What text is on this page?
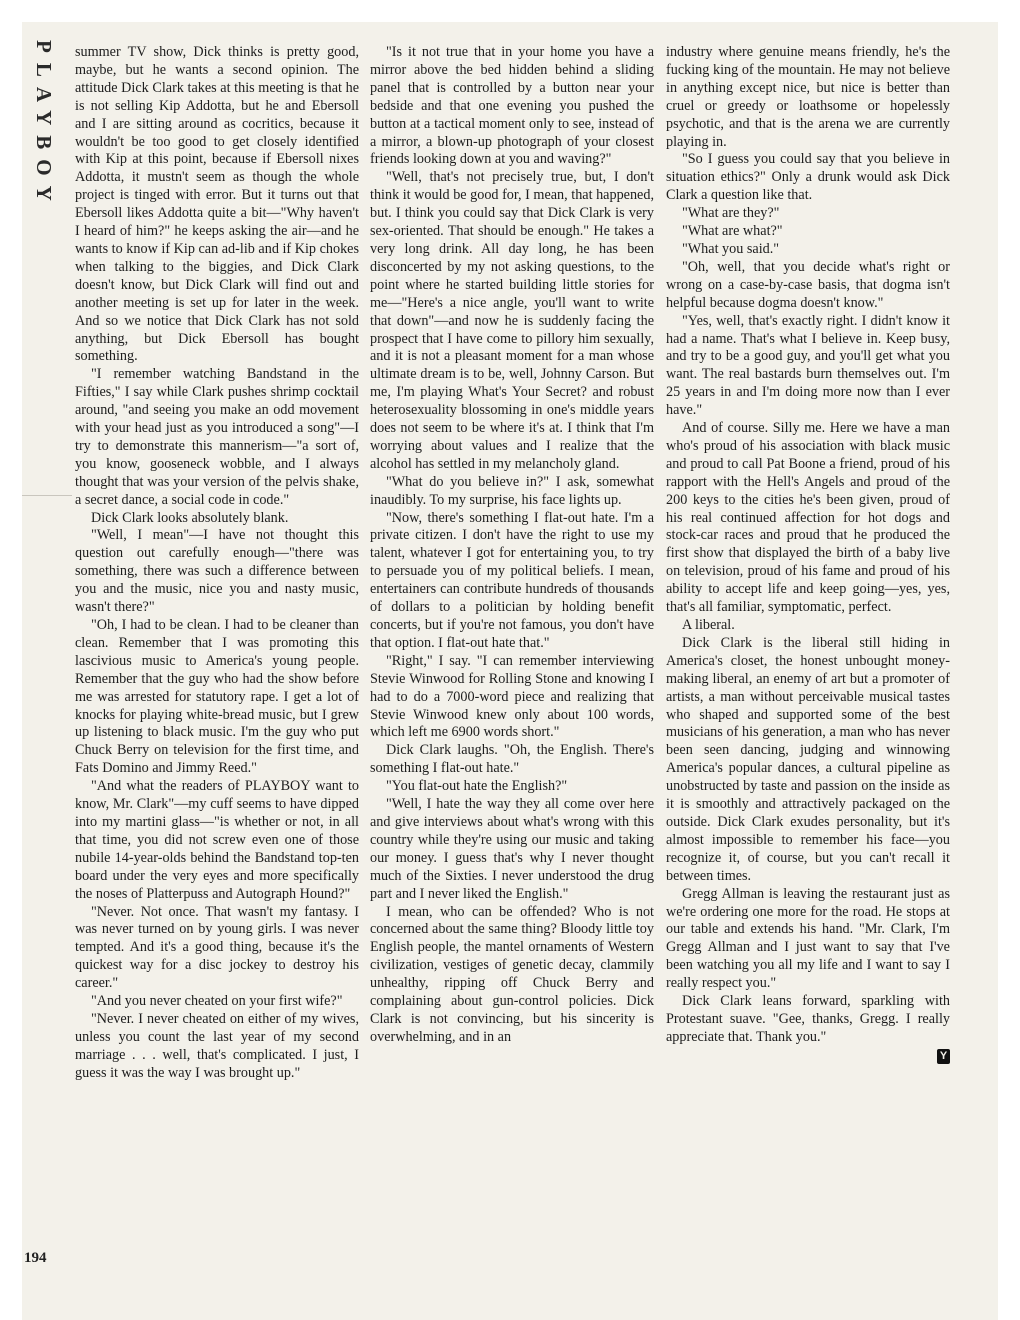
PLAYBOY summer TV show, Dick thinks is pretty good, maybe, but he wants a second opinion. The attitude Dick Clark takes at this meeting is that he is not selling Kip Addotta, but he and Ebersoll and I are sitting around as cocritics, because it wouldn't be too good to get closely identified with Kip at this point, because if Ebersoll nixes Addotta, it mustn't seem as though the whole project is tinged with error. But it turns out that Ebersoll likes Addotta quite a bit—"Why haven't I heard of him?" he keeps asking the air—and he wants to know if Kip can ad-lib and if Kip chokes when talking to the biggies, and Dick Clark doesn't know, but Dick Clark will find out and another meeting is set up for later in the week. And so we notice that Dick Clark has not sold anything, but Dick Ebersoll has bought something.

"I remember watching Bandstand in the Fifties," I say while Clark pushes shrimp cocktail around, "and seeing you make an odd movement with your head just as you introduced a song"—I try to demonstrate this mannerism—"a sort of, you know, gooseneck wobble, and I always thought that was your version of the pelvis shake, a secret dance, a social code in code."

Dick Clark looks absolutely blank.

"Well, I mean"—I have not thought this question out carefully enough—"there was something, there was such a difference between you and the music, nice you and nasty music, wasn't there?"

"Oh, I had to be clean. I had to be cleaner than clean. Remember that I was promoting this lascivious music to America's young people. Remember that the guy who had the show before me was arrested for statutory rape. I get a lot of knocks for playing white-bread music, but I grew up listening to black music. I'm the guy who put Chuck Berry on television for the first time, and Fats Domino and Jimmy Reed."

"And what the readers of PLAYBOY want to know, Mr. Clark"—my cuff seems to have dipped into my martini glass—"is whether or not, in all that time, you did not screw even one of those nubile 14-year-olds behind the Bandstand top-ten board under the very eyes and more specifically the noses of Platterpuss and Autograph Hound?"

"Never. Not once. That wasn't my fantasy. I was never turned on by young girls. I was never tempted. And it's a good thing, because it's the quickest way for a disc jockey to destroy his career."

"And you never cheated on your first wife?"

"Never. I never cheated on either of my wives, unless you count the last year of my second marriage . . . well, that's complicated. I just, I guess it was the way I was brought up."

"Is it not true that in your home you have a mirror above the bed hidden behind a sliding panel that is controlled by a button near your bedside and that one evening you pushed the button at a tactical moment only to see, instead of a mirror, a blown-up photograph of your closest friends looking down at you and waving?"

"Well, that's not precisely true, but, I don't think it would be good for, I mean, that happened, but. I think you could say that Dick Clark is very sex-oriented. That should be enough." He takes a very long drink. All day long, he has been disconcerted by my not asking questions, to the point where he started building little stories for me—"Here's a nice angle, you'll want to write that down"—and now he is suddenly facing the prospect that I have come to pillory him sexually, and it is not a pleasant moment for a man whose ultimate dream is to be, well, Johnny Carson. But me, I'm playing What's Your Secret? and robust heterosexuality blossoming in one's middle years does not seem to be where it's at. I think that I'm worrying about values and I realize that the alcohol has settled in my melancholy gland.

"What do you believe in?" I ask, somewhat inaudibly. To my surprise, his face lights up.

"Now, there's something I flat-out hate. I'm a private citizen. I don't have the right to use my talent, whatever I got for entertaining you, to try to persuade you of my political beliefs. I mean, entertainers can contribute hundreds of thousands of dollars to a politician by holding benefit concerts, but if you're not famous, you don't have that option. I flat-out hate that."

"Right," I say. "I can remember interviewing Stevie Winwood for Rolling Stone and knowing I had to do a 7000-word piece and realizing that Stevie Winwood knew only about 100 words, which left me 6900 words short."

Dick Clark laughs. "Oh, the English. There's something I flat-out hate."

"You flat-out hate the English?"

"Well, I hate the way they all come over here and give interviews about what's wrong with this country while they're using our music and taking our money. I guess that's why I never thought much of the Sixties. I never understood the drug part and I never liked the English."

I mean, who can be offended? Who is not concerned about the same thing? Bloody little toy English people, the mantel ornaments of Western civilization, vestiges of genetic decay, clammily unhealthy, ripping off Chuck Berry and complaining about gun-control policies. Dick Clark is not convincing, but his sincerity is overwhelming, and in an

industry where genuine means friendly, he's the fucking king of the mountain. He may not believe in anything except nice, but nice is better than cruel or greedy or loathsome or hopelessly psychotic, and that is the arena we are currently playing in.

"So I guess you could say that you believe in situation ethics?" Only a drunk would ask Dick Clark a question like that.

"What are they?"

"What are what?"

"What you said."

"Oh, well, that you decide what's right or wrong on a case-by-case basis, that dogma isn't helpful because dogma doesn't know."

"Yes, well, that's exactly right. I didn't know it had a name. That's what I believe in. Keep busy, and try to be a good guy, and you'll get what you want. The real bastards burn themselves out. I'm 25 years in and I'm doing more now than I ever have."

And of course. Silly me. Here we have a man who's proud of his association with black music and proud to call Pat Boone a friend, proud of his rapport with the Hell's Angels and proud of the 200 keys to the cities he's been given, proud of his real continued affection for hot dogs and stock-car races and proud that he produced the first show that displayed the birth of a baby live on television, proud of his fame and proud of his ability to accept life and keep going—yes, yes, that's all familiar, symptomatic, perfect.

A liberal.

Dick Clark is the liberal still hiding in America's closet, the honest unbought money-making liberal, an enemy of art but a promoter of artists, a man without perceivable musical tastes who shaped and supported some of the best musicians of his generation, a man who has never been seen dancing, judging and winnowing America's popular dances, a cultural pipeline as unobstructed by taste and passion on the inside as it is smoothly and attractively packaged on the outside. Dick Clark exudes personality, but it's almost impossible to remember his face—you recognize it, of course, but you can't recall it between times.

Gregg Allman is leaving the restaurant just as we're ordering one more for the road. He stops at our table and extends his hand. "Mr. Clark, I'm Gregg Allman and I just want to say that I've been watching you all my life and I want to say I really respect you."

Dick Clark leans forward, sparkling with Protestant suave. "Gee, thanks, Gregg. I really appreciate that. Thank you."

Y
194
